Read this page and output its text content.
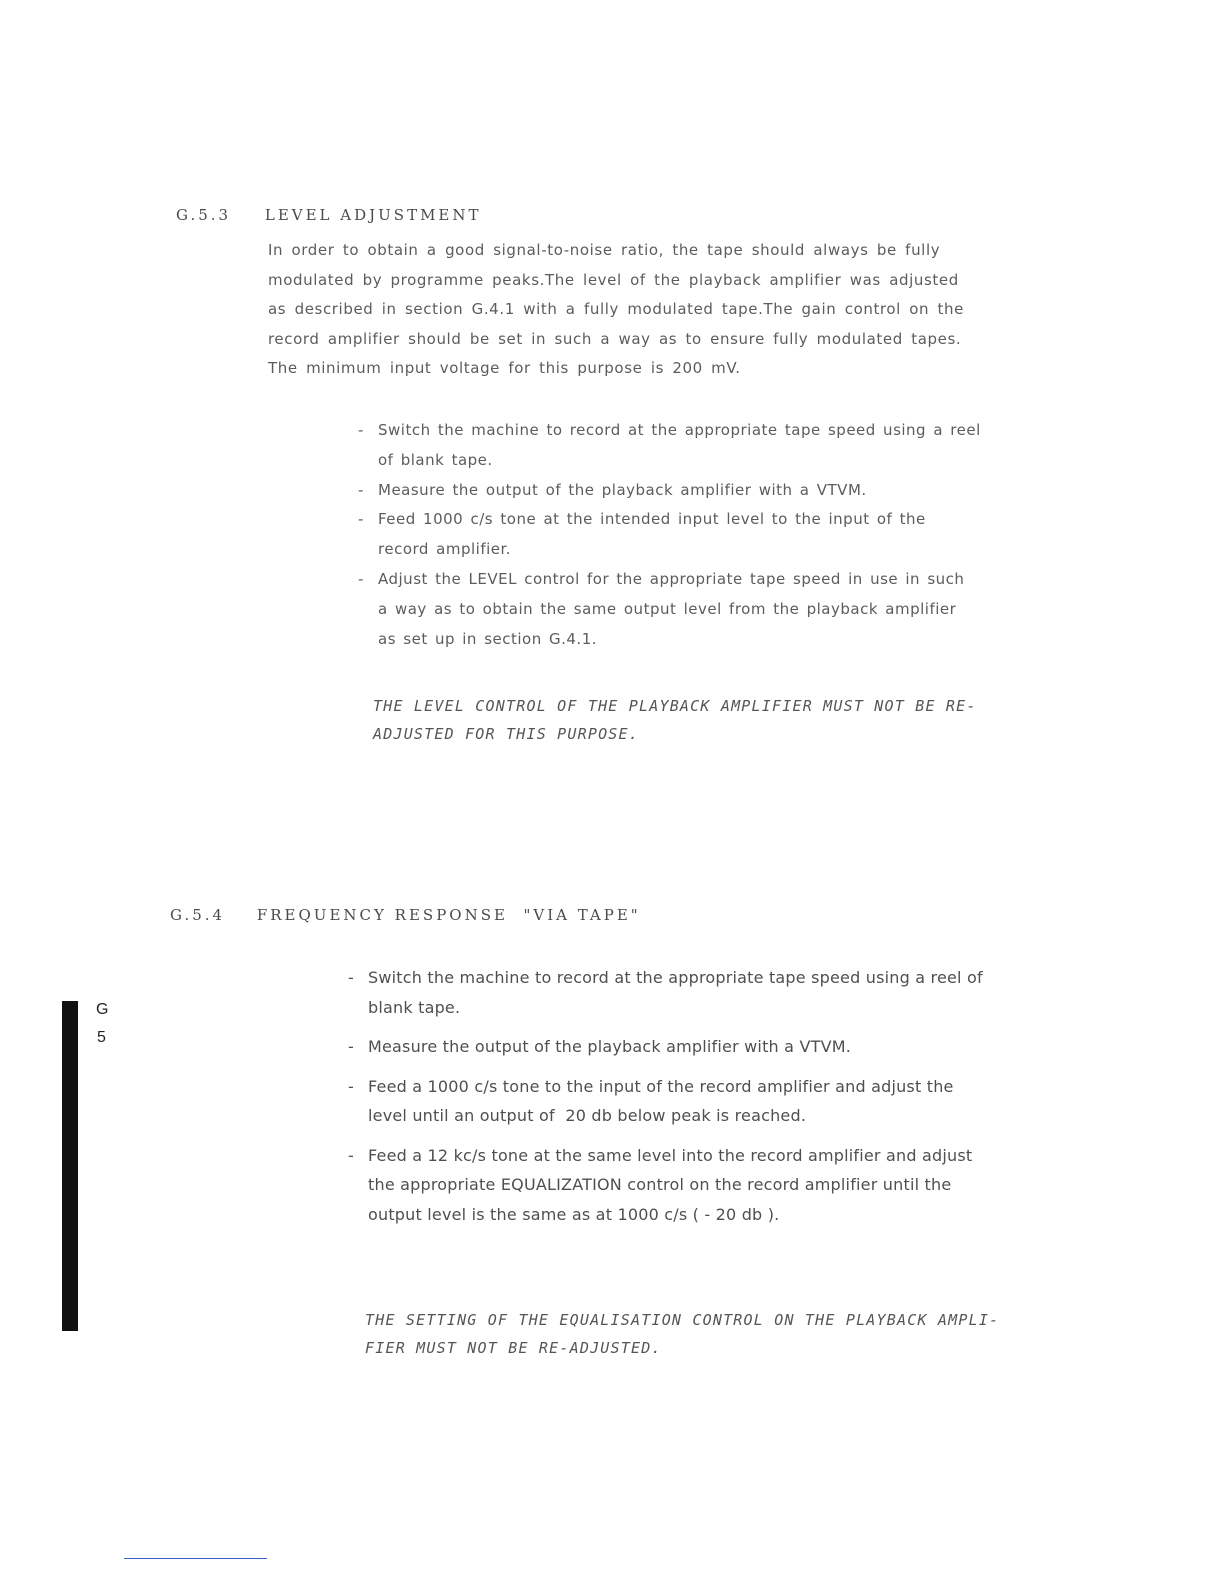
G.5.3 LEVEL ADJUSTMENT

In order to obtain a good signal-to-noise ratio, the tape should always be fully

modulated by programme peaks.The level of the playback amplifier was adjusted

as described in section G.4.1 with a fully modulated tape.The gain control on the

record amplifier should be set in such a way as to ensure fully modulated tapes.

The minimum input voltage for this purpose is 200 mV.

- Switch the machine to record at the appropriate tape speed using a reel
of blank tape.
- Measure the output of the playback amplifier with a VTVM.
- Feed 1000 c/s tone at the intended input level to the input of the
record amplifier.
- Adjust the LEVEL control for the appropriate tape speed in use in such
a way as to obtain the same output level from the playback amplifier
as set up in section G.4.1.
THE LEVEL CONTROL OF THE PLAYBACK AMPLIFIER MUST NOT BE RE-
ADJUSTED FOR THIS PURPOSE.
G.5.4 FREQUENCY RESPONSE  "VIA TAPE"
- Switch the machine to record at the appropriate tape speed using a reel of
blank tape.
- Measure the output of the playback amplifier with a VTVM.
- Feed a 1000 c/s tone to the input of the record amplifier and adjust the
level until an output of  20 db below peak is reached.
- Feed a 12 kc/s tone at the same level into the record amplifier and adjust
the appropriate EQUALIZATION control on the record amplifier until the
output level is the same as at 1000 c/s ( - 20 db ).
THE SETTING OF THE EQUALISATION CONTROL ON THE PLAYBACK AMPLI-
FIER MUST NOT BE RE-ADJUSTED.
G
5
